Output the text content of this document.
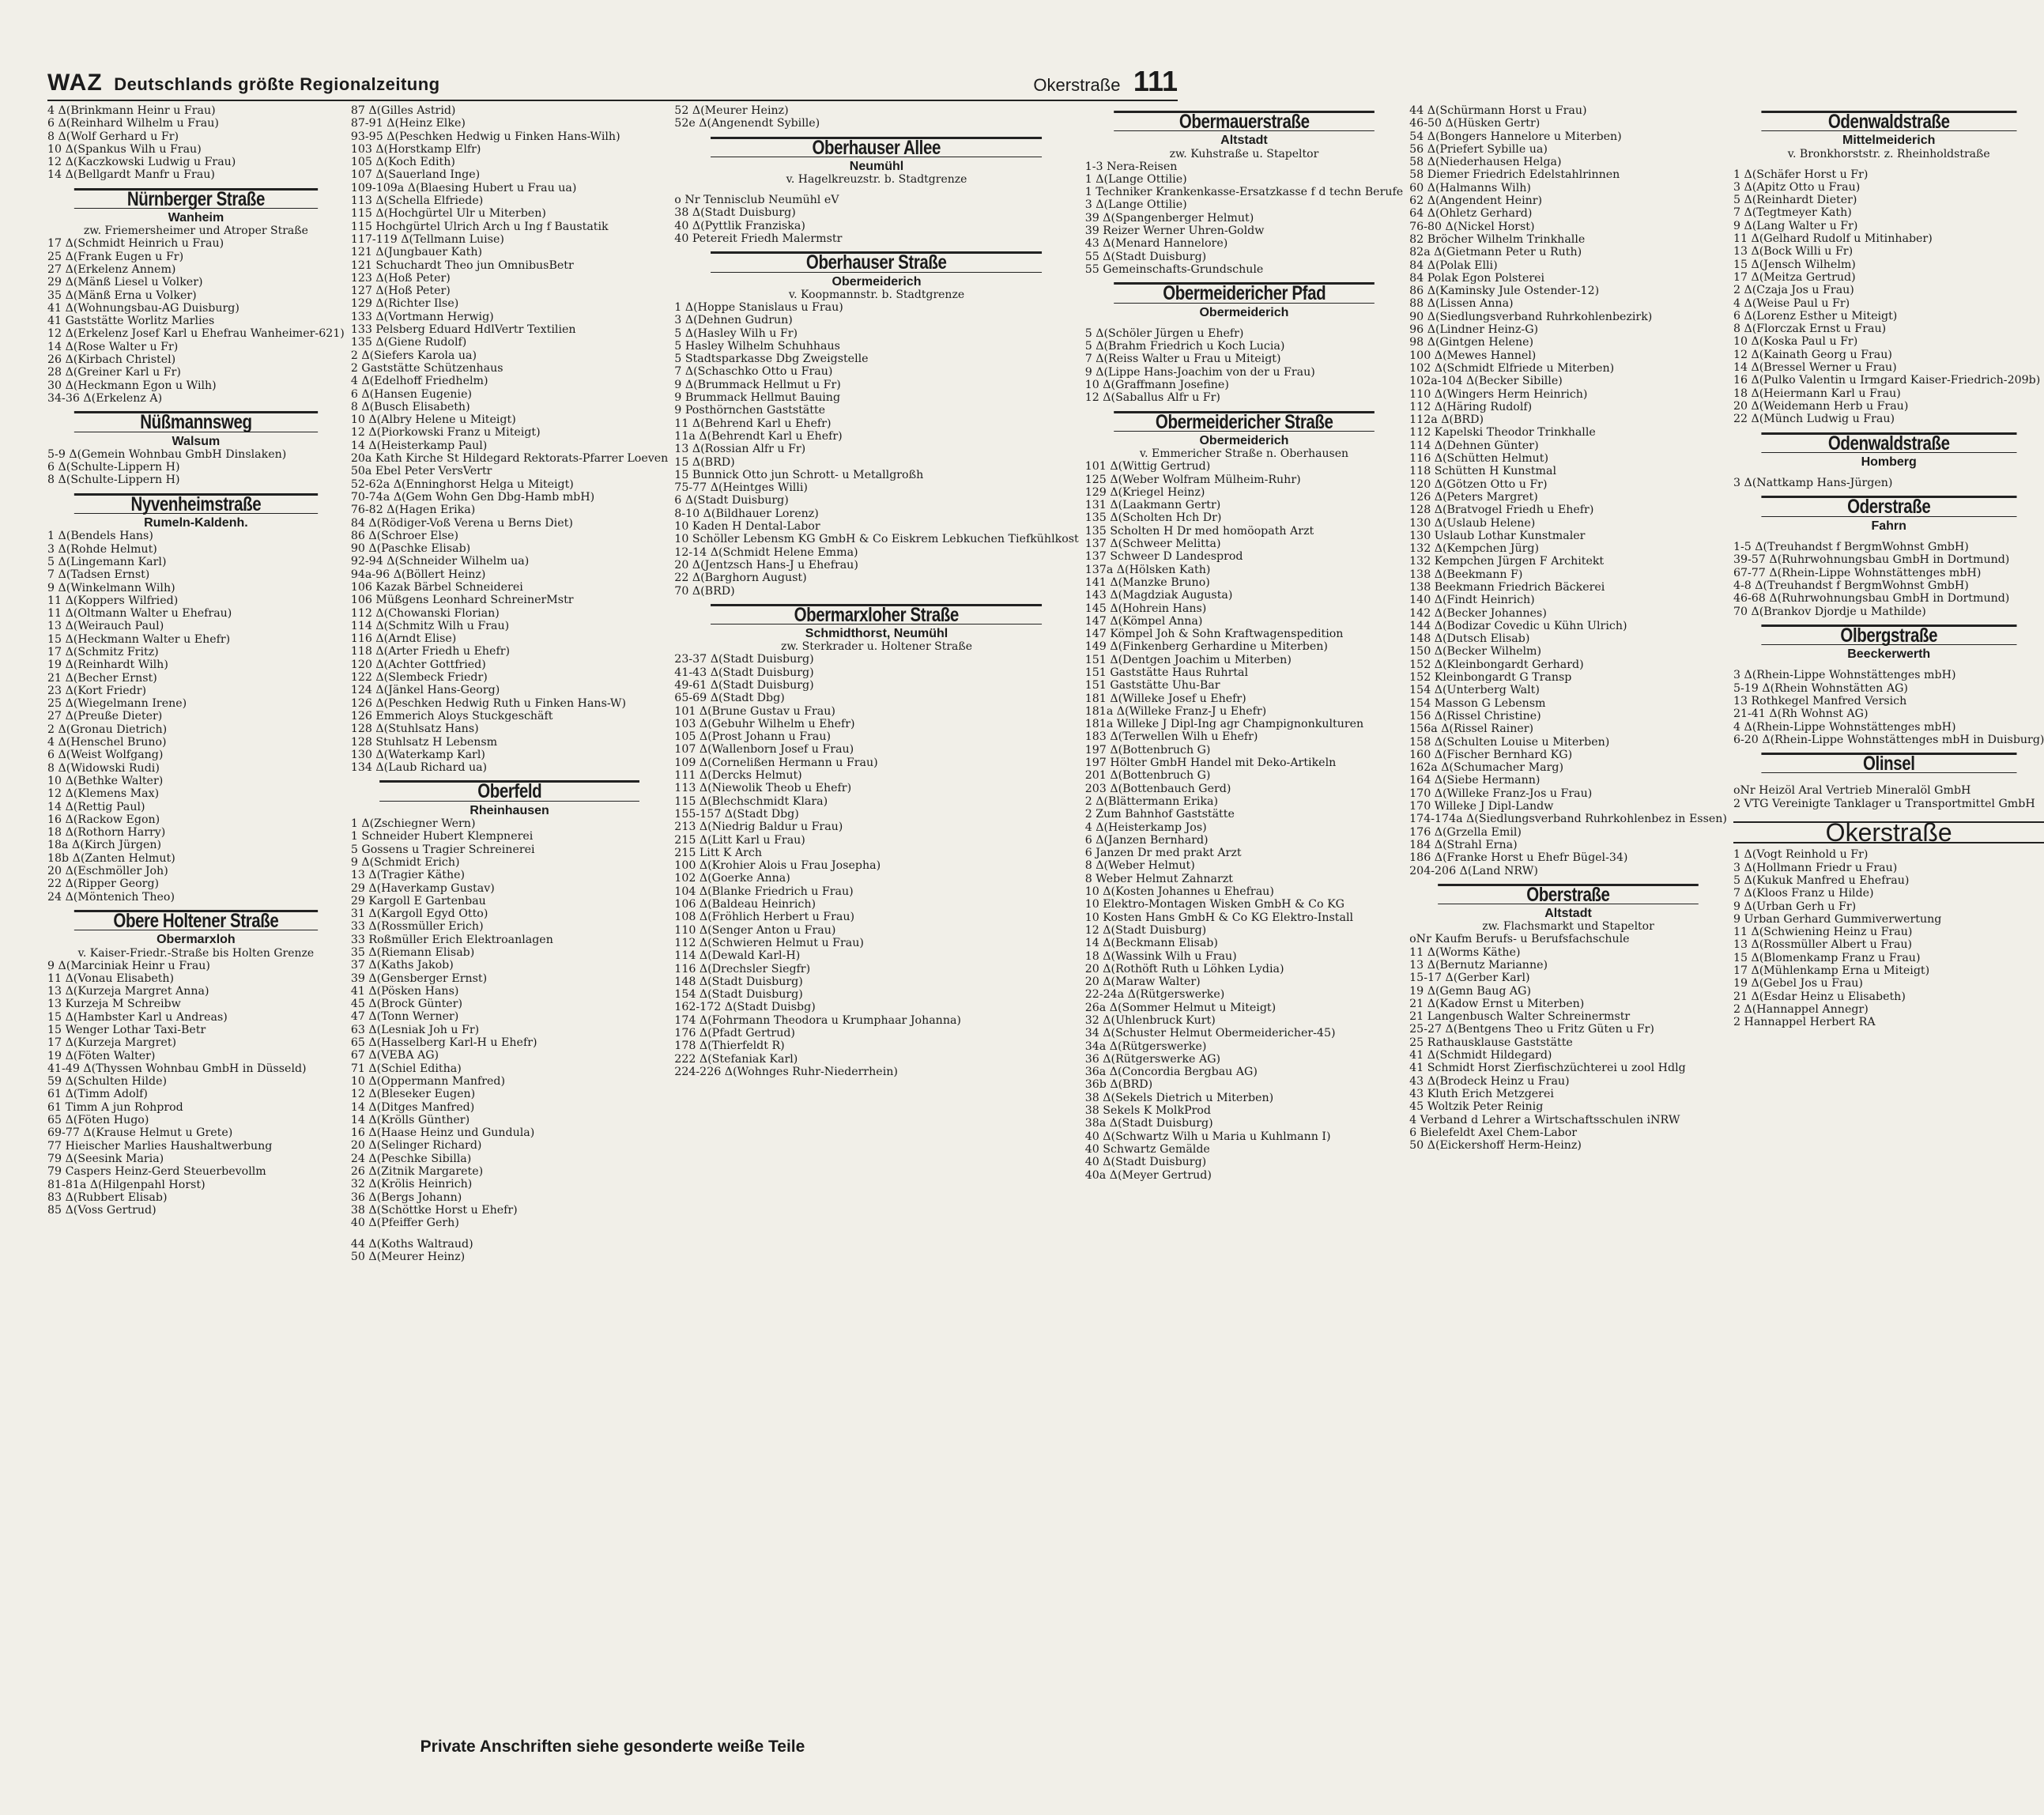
WAZ Deutschlands größte Regionalzeitung	Okerstraße 111
4 Δ(Brinkmann Heinr u Frau)
6 Δ(Reinhard Wilhelm u Frau)
8 Δ(Wolf Gerhard u Fr)
10 Δ(Spankus Wilh u Frau)
12 Δ(Kaczkowski Ludwig u Frau)
14 Δ(Bellgardt Manfr u Frau)
Nürnberger Straße
Wanheim
zw. Friemersheimer und Atroper Straße
17 Δ(Schmidt Heinrich u Frau)
25 Δ(Frank Eugen u Fr)
27 Δ(Erkelenz Annem)
29 Δ(Mänß Liesel u Volker)
35 Δ(Mänß Erna u Volker)
41 Δ(Wohnungsbau-AG Duisburg)
41 Gaststätte Worlitz Marlies
12 Δ(Erkelenz Josef Karl u Ehefrau Wanheimer-621)
14 Δ(Rose Walter u Fr)
26 Δ(Kirbach Christel)
28 Δ(Greiner Karl u Fr)
30 Δ(Heckmann Egon u Wilh)
34-36 Δ(Erkelenz A)
Nüßmannsweg
Walsum
5-9 Δ(Gemein Wohnbau GmbH Dinslaken)
6 Δ(Schulte-Lippern H)
8 Δ(Schulte-Lippern H)
Nyvenheimstraße
Rumeln-Kaldenh.
1 Δ(Bendels Hans)
3 Δ(Rohde Helmut)
5 Δ(Lingemann Karl)
7 Δ(Tadsen Ernst)
9 Δ(Winkelmann Wilh)
11 Δ(Koppers Wilfried)
11 Δ(Oltmann Walter u Ehefrau)
13 Δ(Weirauch Paul)
15 Δ(Heckmann Walter u Ehefr)
17 Δ(Schmitz Fritz)
19 Δ(Reinhardt Wilh)
21 Δ(Becher Ernst)
23 Δ(Kort Friedr)
25 Δ(Wiegelmann Irene)
27 Δ(Preuße Dieter)
2 Δ(Gronau Dietrich)
4 Δ(Henschel Bruno)
6 Δ(Weist Wolfgang)
8 Δ(Widowski Rudi)
10 Δ(Bethke Walter)
12 Δ(Klemens Max)
14 Δ(Rettig Paul)
16 Δ(Rackow Egon)
18 Δ(Rothorn Harry)
18a Δ(Kirch Jürgen)
18b Δ(Zanten Helmut)
20 Δ(Eschmöller Joh)
22 Δ(Ripper Georg)
24 Δ(Möntenich Theo)
Obere Holtener Straße
Obermarxloh
v. Kaiser-Friedr.-Straße bis Holten Grenze
9 Δ(Marciniak Heinr u Frau)
11 Δ(Vonau Elisabeth)
13 Δ(Kurzeja Margret Anna)
13 Kurzeja M Schreibw
15 Δ(Hambster Karl u Andreas)
15 Wenger Lothar Taxi-Betr
17 Δ(Kurzeja Margret)
19 Δ(Föten Walter)
41-49 Δ(Thyssen Wohnbau GmbH in Düsseld)
59 Δ(Schulten Hilde)
61 Δ(Timm Adolf)
61 Timm A jun Rohprod
65 Δ(Föten Hugo)
69-77 Δ(Krause Helmut u Grete)
77 Hieischer Marlies Haushaltwerbung
79 Δ(Seesink Maria)
79 Caspers Heinz-Gerd Steuerbevollm
81-81a Δ(Hilgenpahl Horst)
83 Δ(Rubbert Elisab)
85 Δ(Voss Gertrud)
87 Δ(Gilles Astrid)
87-91 Δ(Heinz Elke)
93-95 Δ(Peschken Hedwig u Finken Hans-Wilh)
103 Δ(Horstkamp Elfr)
105 Δ(Koch Edith)
107 Δ(Sauerland Inge)
109-109a Δ(Blaesing Hubert u Frau ua)
113 Δ(Schella Elfriede)
115 Δ(Hochgürtel Ulr u Miterben)
115 Hochgürtel Ulrich Arch u Ing f Baustatik
117-119 Δ(Tellmann Luise)
121 Δ(Jungbauer Kath)
121 Schuchardt Theo jun OmnibusBetr
123 Δ(Hoß Peter)
127 Δ(Hoß Peter)
129 Δ(Richter Ilse)
133 Δ(Vortmann Herwig)
133 Pelsberg Eduard HdlVertr Textilien
135 Δ(Giene Rudolf)
2 Δ(Siefers Karola ua)
2 Gaststätte Schützenhaus
4 Δ(Edelhoff Friedhelm)
6 Δ(Hansen Eugenie)
8 Δ(Busch Elisabeth)
10 Δ(Albry Helene u Miteigt)
12 Δ(Piorkowski Franz u Miteigt)
14 Δ(Heisterkamp Paul)
20a Kath Kirche St Hildegard Rektorats-Pfarrer Loeven
50a Ebel Peter VersVertr
52-62a Δ(Enninghorst Helga u Miteigt)
70-74a Δ(Gem Wohn Gen Dbg-Hamb mbH)
76-82 Δ(Hagen Erika)
84 Δ(Rödiger-Voß Verena u Berns Diet)
86 Δ(Schroer Else)
90 Δ(Paschke Elisab)
92-94 Δ(Schneider Wilhelm ua)
94a-96 Δ(Böllert Heinz)
106 Kazak Bärbel Schneiderei
106 Müßgens Leonhard SchreinerMstr
112 Δ(Chowanski Florian)
114 Δ(Schmitz Wilh u Frau)
116 Δ(Arndt Elise)
118 Δ(Arter Friedh u Ehefr)
120 Δ(Achter Gottfried)
122 Δ(Slembeck Friedr)
124 Δ(Jänkel Hans-Georg)
126 Δ(Peschken Hedwig Ruth u Finken Hans-W)
126 Emmerich Aloys Stuckgeschäft
128 Δ(Stuhlsatz Hans)
128 Stuhlsatz H Lebensm
130 Δ(Waterkamp Karl)
134 Δ(Laub Richard ua)
Oberfeld
Rheinhausen
1 Δ(Zschiegner Wern)
1 Schneider Hubert Klempnerei
5 Gossens u Tragier Schreinerei
9 Δ(Schmidt Erich)
13 Δ(Tragier Käthe)
29 Δ(Haverkamp Gustav)
29 Kargoll E Gartenbau
31 Δ(Kargoll Egyd Otto)
33 Δ(Rossmüller Erich)
33 Roßmüller Erich Elektroanlagen
35 Δ(Riemann Elisab)
37 Δ(Kaths Jakob)
39 Δ(Gensberger Ernst)
41 Δ(Pösken Hans)
45 Δ(Brock Günter)
47 Δ(Tonn Werner)
63 Δ(Lesniak Joh u Fr)
65 Δ(Hasselberg Karl-H u Ehefr)
67 Δ(VEBA AG)
71 Δ(Schiel Editha)
10 Δ(Oppermann Manfred)
12 Δ(Bleseker Eugen)
14 Δ(Ditges Manfred)
14 Δ(Krölls Günther)
16 Δ(Haase Heinz und Gundula)
20 Δ(Selinger Richard)
24 Δ(Peschke Sibilla)
26 Δ(Zitnik Margarete)
32 Δ(Krölis Heinrich)
36 Δ(Bergs Johann)
38 Δ(Schöttke Horst u Ehefr)
40 Δ(Pfeiffer Gerh)
44 Δ(Koths Waltraud)
50 Δ(Meurer Heinz)
52 Δ(Meurer Heinz)
52e Δ(Angenendt Sybille)
Oberhauser Allee
Neumühl
v. Hagelkreuzstr. b. Stadtgrenze
o Nr Tennisclub Neumühl eV
38 Δ(Stadt Duisburg)
40 Δ(Pyttlik Franziska)
40 Petereit Friedh Malermstr
Oberhauser Straße
Obermeiderich
v. Koopmannstr. b. Stadtgrenze
1 Δ(Hoppe Stanislaus u Frau)
3 Δ(Dehnen Gudrun)
5 Δ(Hasley Wilh u Fr)
5 Hasley Wilhelm Schuhhaus
5 Stadtsparkasse Dbg Zweigstelle
7 Δ(Schaschko Otto u Frau)
9 Δ(Brummack Hellmut u Fr)
9 Brummack Hellmut Bauing
9 Posthörnchen Gaststätte
11 Δ(Behrend Karl u Ehefr)
11a Δ(Behrendt Karl u Ehefr)
13 Δ(Rossian Alfr u Fr)
15 Δ(BRD)
15 Bunnick Otto jun Schrott- u Metallgroßh
75-77 Δ(Heintges Willi)
6 Δ(Stadt Duisburg)
8-10 Δ(Bildhauer Lorenz)
10 Kaden H Dental-Labor
10 Schöller Lebensm KG GmbH & Co Eiskrem Lebkuchen Tiefkühlkost
12-14 Δ(Schmidt Helene Emma)
20 Δ(Jentzsch Hans-J u Ehefrau)
22 Δ(Barghorn August)
70 Δ(BRD)
Obermarxloher Straße
Schmidthorst, Neumühl
zw. Sterkrader u. Holtener Straße
23-37 Δ(Stadt Duisburg)
41-43 Δ(Stadt Duisburg)
49-61 Δ(Stadt Duisburg)
65-69 Δ(Stadt Dbg)
101 Δ(Brune Gustav u Frau)
103 Δ(Gebuhr Wilhelm u Ehefr)
105 Δ(Prost Johann u Frau)
107 Δ(Wallenborn Josef u Frau)
109 Δ(Cornelißen Hermann u Frau)
111 Δ(Dercks Helmut)
113 Δ(Niewolik Theob u Ehefr)
115 Δ(Blechschmidt Klara)
155-157 Δ(Stadt Dbg)
213 Δ(Niedrig Baldur u Frau)
215 Δ(Litt Karl u Frau)
215 Litt K Arch
100 Δ(Krohier Alois u Frau Josepha)
102 Δ(Goerke Anna)
104 Δ(Blanke Friedrich u Frau)
106 Δ(Baldeau Heinrich)
108 Δ(Fröhlich Herbert u Frau)
110 Δ(Senger Anton u Frau)
112 Δ(Schwieren Helmut u Frau)
114 Δ(Dewald Karl-H)
116 Δ(Drechsler Siegfr)
148 Δ(Stadt Duisburg)
154 Δ(Stadt Duisburg)
162-172 Δ(Stadt Duisbg)
174 Δ(Fohrmann Theodora u Krumphaar Johanna)
176 Δ(Pfadt Gertrud)
178 Δ(Thierfeldt R)
222 Δ(Stefaniak Karl)
224-226 Δ(Wohnges Ruhr-Niederrhein)
Obermauerstraße
Altstadt
zw. Kuhstraße u. Stapeltor
1-3 Nera-Reisen
1 Δ(Lange Ottilie)
1 Techniker Krankenkasse-Ersatzkasse f d techn Berufe
3 Δ(Lange Ottilie)
39 Δ(Spangenberger Helmut)
39 Reizer Werner Uhren-Goldw
43 Δ(Menard Hannelore)
55 Δ(Stadt Duisburg)
55 Gemeinschafts-Grundschule
Obermeidericher Pfad
Obermeiderich
5 Δ(Schöler Jürgen u Ehefr)
5 Δ(Brahm Friedrich u Koch Lucia)
7 Δ(Reiss Walter u Frau u Miteigt)
9 Δ(Lippe Hans-Joachim von der u Frau)
10 Δ(Graffmann Josefine)
12 Δ(Saballus Alfr u Fr)
Obermeidericher Straße
Obermeiderich
v. Emmericher Straße n. Oberhausen
101 Δ(Wittig Gertrud)
125 Δ(Weber Wolfram Mülheim-Ruhr)
129 Δ(Kriegel Heinz)
131 Δ(Laakmann Gertr)
135 Δ(Scholten Hch Dr)
135 Scholten H Dr med homöopath Arzt
137 Δ(Schweer Melitta)
137 Schweer D Landesprod
137a Δ(Hölsken Kath)
141 Δ(Manzke Bruno)
143 Δ(Magdziak Augusta)
145 Δ(Hohrein Hans)
147 Δ(Kömpel Anna)
147 Kömpel Joh & Sohn Kraftwagenspedition
149 Δ(Finkenberg Gerhardine u Miterben)
151 Δ(Dentgen Joachim u Miterben)
151 Gaststätte Haus Ruhrtal
151 Gaststätte Uhu-Bar
181 Δ(Willeke Josef u Ehefr)
181a Δ(Willeke Franz-J u Ehefr)
181a Willeke J Dipl-Ing agr Champignonkulturen
183 Δ(Terwellen Wilh u Ehefr)
197 Δ(Bottenbruch G)
197 Hölter GmbH Handel mit Deko-Artikeln
201 Δ(Bottenbruch G)
203 Δ(Bottenbauch Gerd)
2 Δ(Blättermann Erika)
2 Zum Bahnhof Gaststätte
4 Δ(Heisterkamp Jos)
6 Δ(Janzen Bernhard)
6 Janzen Dr med prakt Arzt
8 Δ(Weber Helmut)
8 Weber Helmut Zahnarzt
10 Δ(Kosten Johannes u Ehefrau)
10 Elektro-Montagen Wisken GmbH & Co KG
10 Kosten Hans GmbH & Co KG Elektro-Install
12 Δ(Stadt Duisburg)
14 Δ(Beckmann Elisab)
18 Δ(Wassink Wilh u Frau)
20 Δ(Rothöft Ruth u Löhken Lydia)
20 Δ(Maraw Walter)
22-24a Δ(Rütgerswerke)
26a Δ(Sommer Helmut u Miteigt)
32 Δ(Uhlenbruck Kurt)
34 Δ(Schuster Helmut Obermeidericher-45)
34a Δ(Rütgerswerke)
36 Δ(Rütgerswerke AG)
36a Δ(Concordia Bergbau AG)
36b Δ(BRD)
38 Δ(Sekels Dietrich u Miterben)
38 Sekels K MolkProd
38a Δ(Stadt Duisburg)
40 Δ(Schwartz Wilh u Maria u Kuhlmann I)
40 Schwartz Gemälde
40 Δ(Stadt Duisburg)
40a Δ(Meyer Gertrud)
44 Δ(Schürmann Horst u Frau)
46-50 Δ(Hüsken Gertr)
54 Δ(Bongers Hannelore u Miterben)
56 Δ(Priefert Sybille ua)
58 Δ(Niederhausen Helga)
58 Diemer Friedrich Edelstahlrinnen
60 Δ(Halmanns Wilh)
62 Δ(Angendent Heinr)
64 Δ(Ohletz Gerhard)
76-80 Δ(Nickel Horst)
82 Bröcher Wilhelm Trinkhalle
82a Δ(Gietmann Peter u Ruth)
84 Δ(Polak Elli)
84 Polak Egon Polsterei
86 Δ(Kaminsky Jule Ostender-12)
88 Δ(Lissen Anna)
90 Δ(Siedlungsverband Ruhrkohlenbezirk)
96 Δ(Lindner Heinz-G)
98 Δ(Gintgen Helene)
100 Δ(Mewes Hannel)
102 Δ(Schmidt Elfriede u Miterben)
102a-104 Δ(Becker Sibille)
110 Δ(Wingers Herm Heinrich)
112 Δ(Häring Rudolf)
112a Δ(BRD)
112 Kapelski Theodor Trinkhalle
114 Δ(Dehnen Günter)
116 Δ(Schütten Helmut)
118 Schütten H Kunstmal
120 Δ(Götzen Otto u Fr)
126 Δ(Peters Margret)
128 Δ(Bratvogel Friedh u Ehefr)
130 Δ(Uslaub Helene)
130 Uslaub Lothar Kunstmaler
132 Δ(Kempchen Jürg)
132 Kempchen Jürgen F Architekt
138 Δ(Beekmann F)
138 Beekmann Friedrich Bäckerei
140 Δ(Findt Heinrich)
142 Δ(Becker Johannes)
144 Δ(Bodizar Covedic u Kühn Ulrich)
148 Δ(Dutsch Elisab)
150 Δ(Becker Wilhelm)
152 Δ(Kleinbongardt Gerhard)
152 Kleinbongardt G Transp
154 Δ(Unterberg Walt)
154 Masson G Lebensm
156 Δ(Rissel Christine)
156a Δ(Rissel Rainer)
158 Δ(Schulten Louise u Miterben)
160 Δ(Fischer Bernhard KG)
162a Δ(Schumacher Marg)
164 Δ(Siebe Hermann)
170 Δ(Willeke Franz-Jos u Frau)
170 Willeke J Dipl-Landw
174-174a Δ(Siedlungsverband Ruhrkohlenbez in Essen)
176 Δ(Grzella Emil)
184 Δ(Strahl Erna)
186 Δ(Franke Horst u Ehefr Bügel-34)
204-206 Δ(Land NRW)
Oberstraße
Altstadt
zw. Flachsmarkt und Stapeltor
oNr Kaufm Berufs- u Berufsfachschule
11 Δ(Worms Käthe)
13 Δ(Bernutz Marianne)
15-17 Δ(Gerber Karl)
19 Δ(Gemn Baug AG)
21 Δ(Kadow Ernst u Miterben)
21 Langenbusch Walter Schreinermstr
25-27 Δ(Bentgens Theo u Fritz Güten u Fr)
25 Rathausklause Gaststätte
41 Δ(Schmidt Hildegard)
41 Schmidt Horst Zierfischzüchterei u zool Hdlg
43 Δ(Brodeck Heinz u Frau)
43 Kluth Erich Metzgerei
45 Woltzik Peter Reinig
4 Verband d Lehrer a Wirtschaftsschulen iNRW
6 Bielefeldt Axel Chem-Labor
50 Δ(Eickershoff Herm-Heinz)
Odenwaldstraße
Mittelmeiderich
v. Bronkhorststr. z. Rheinholdstraße
1 Δ(Schäfer Horst u Fr)
3 Δ(Apitz Otto u Frau)
5 Δ(Reinhardt Dieter)
7 Δ(Tegtmeyer Kath)
9 Δ(Lang Walter u Fr)
11 Δ(Gelhard Rudolf u Mitinhaber)
13 Δ(Bock Willi u Fr)
15 Δ(Jensch Wilhelm)
17 Δ(Meitza Gertrud)
2 Δ(Czaja Jos u Frau)
4 Δ(Weise Paul u Fr)
6 Δ(Lorenz Esther u Miteigt)
8 Δ(Florczak Ernst u Frau)
10 Δ(Koska Paul u Fr)
12 Δ(Kainath Georg u Frau)
14 Δ(Bressel Werner u Frau)
16 Δ(Pulko Valentin u Irmgard Kaiser-Friedrich-209b)
18 Δ(Heiermann Karl u Frau)
20 Δ(Weidemann Herb u Frau)
22 Δ(Münch Ludwig u Frau)
Odenwaldstraße
Homberg
3 Δ(Nattkamp Hans-Jürgen)
Oderstraße
Fahrn
1-5 Δ(Treuhandst f BergmWohnst GmbH)
39-57 Δ(Ruhrwohnungsbau GmbH in Dortmund)
67-77 Δ(Rhein-Lippe Wohnstättenges mbH)
4-8 Δ(Treuhandst f BergmWohnst GmbH)
46-68 Δ(Ruhrwohnungsbau GmbH in Dortmund)
70 Δ(Brankov Djordje u Mathilde)
Ölbergstraße
Beeckerwerth
3 Δ(Rhein-Lippe Wohnstättenges mbH)
5-19 Δ(Rhein Wohnstätten AG)
13 Rothkegel Manfred Versich
21-41 Δ(Rh Wohnst AG)
4 Δ(Rhein-Lippe Wohnstättenges mbH)
6-20 Δ(Rhein-Lippe Wohnstättenges mbH in Duisburg)
Ölinsel
oNr Heizöl Aral Vertrieb Mineralöl GmbH
2 VTG Vereinigte Tanklager u Transportmittel GmbH
Okerstraße
1 Δ(Vogt Reinhold u Fr)
3 Δ(Hollmann Friedr u Frau)
5 Δ(Kukuk Manfred u Ehefrau)
7 Δ(Kloos Franz u Hilde)
9 Δ(Urban Gerh u Fr)
9 Urban Gerhard Gummiverwertung
11 Δ(Schwiening Heinz u Frau)
13 Δ(Rossmüller Albert u Frau)
15 Δ(Blomenkamp Franz u Frau)
17 Δ(Mühlenkamp Erna u Miteigt)
19 Δ(Gebel Jos u Frau)
21 Δ(Esdar Heinz u Elisabeth)
2 Δ(Hannappel Annegr)
2 Hannappel Herbert RA
Private Anschriften siehe gesonderte weiße Teile
